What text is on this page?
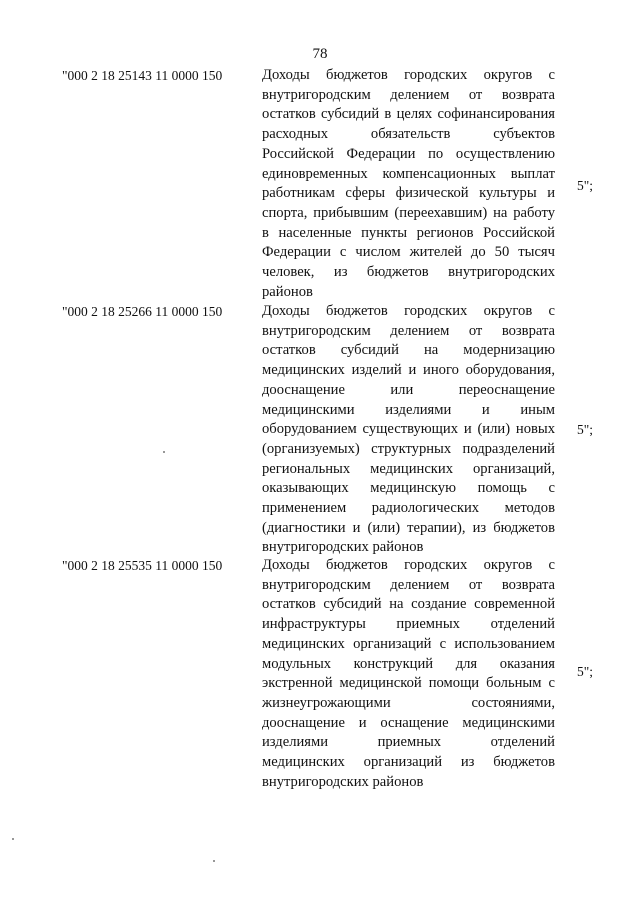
78
"000 2 18 25143 11 0000 150	Доходы бюджетов городских округов с
внутригородским делением от возврата
остатков субсидий в целях софинансирования
расходных обязательств субъектов
Российской Федерации по осуществлению
единовременных компенсационных выплат
работникам сферы физической культуры и
спорта, прибывшим (переехавшим) на работу
в населенные пункты регионов Российской
Федерации с числом жителей до 50 тысяч
человек, из бюджетов внутригородских
районов
5";
"000 2 18 25266 11 0000 150	Доходы бюджетов городских округов с
внутригородским делением от возврата
остатков субсидий на модернизацию
медицинских изделий и иного оборудования,
дооснащение или переоснащение
медицинскими изделиями и иным
оборудованием существующих и (или) новых
(организуемых) структурных подразделений
региональных медицинских организаций,
оказывающих медицинскую помощь с
применением радиологических методов
(диагностики и (или) терапии), из бюджетов
внутригородских районов
5";
"000 2 18 25535 11 0000 150	Доходы бюджетов городских округов с
внутригородским делением от возврата
остатков субсидий на создание современной
инфраструктуры приемных отделений
медицинских организаций с использованием
модульных конструкций для оказания
экстренной медицинской помощи больным с
жизнеугрожающими состояниями,
дооснащение и оснащение медицинскими
изделиями приемных отделений
медицинских организаций из бюджетов
внутригородских районов
5";
